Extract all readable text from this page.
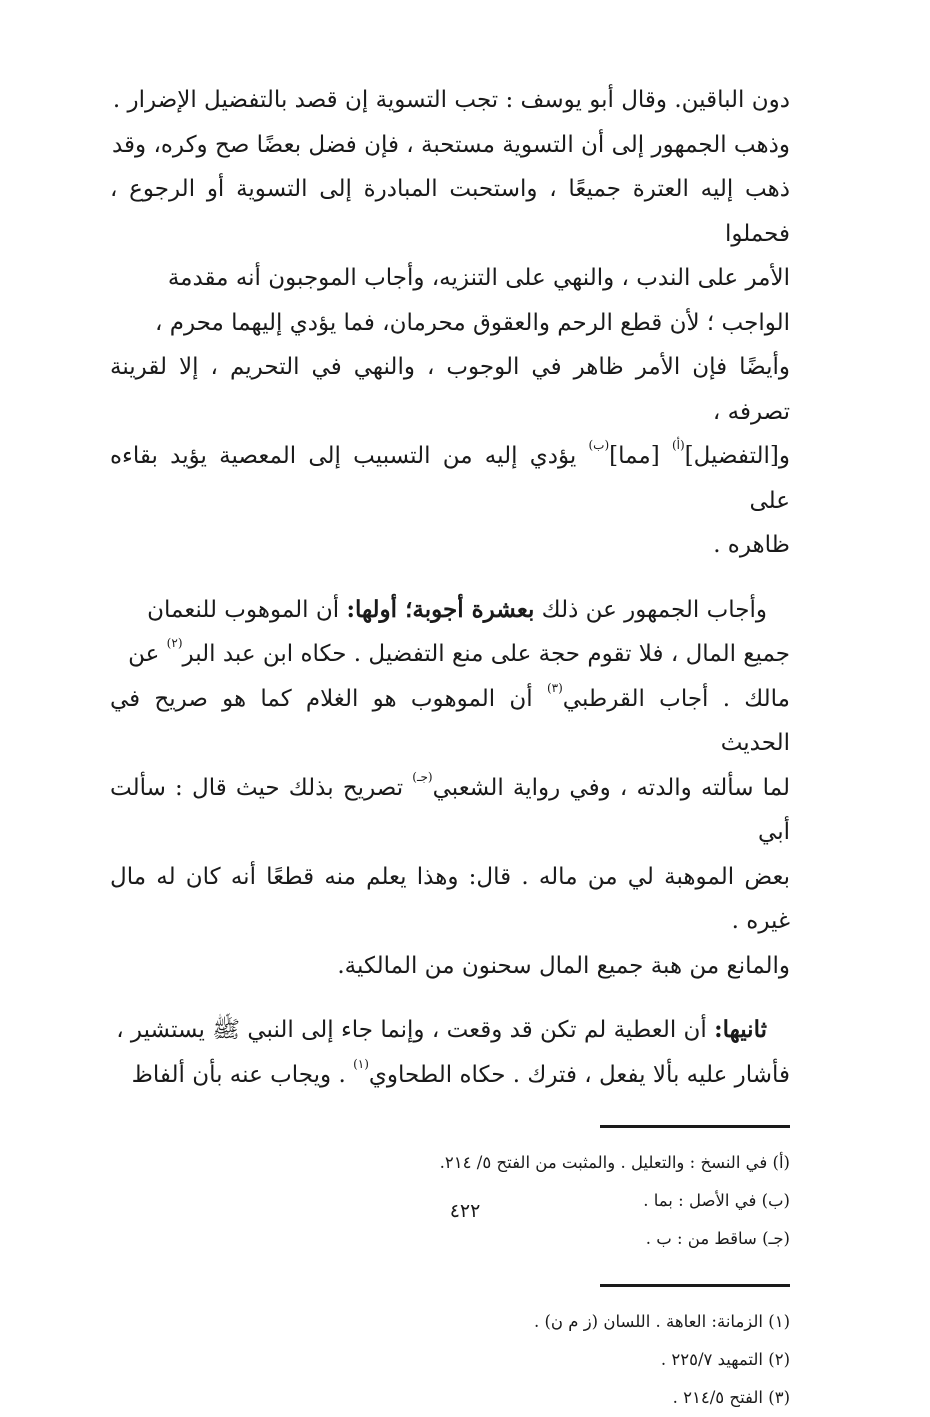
دون الباقين. وقال أبو يوسف : تجب التسوية إن قصد بالتفضيل الإضرار .

وذهب الجمهور إلى أن التسوية مستحبة ، فإن فضل بعضًا صح وكره، وقد

ذهب إليه العترة جميعًا ، واستحبت المبادرة إلى التسوية أو الرجوع ، فحملوا

الأمر على الندب ، والنهي على التنزيه، وأجاب الموجبون أنه مقدمة

الواجب ؛ لأن قطع الرحم والعقوق محرمان، فما يؤدي إليهما محرم ،

وأيضًا فإن الأمر ظاهر في الوجوب ، والنهي في التحريم ، إلا لقرينة تصرفه ،

و[التفضيل]$^{(أ)}$ [مما]$^{(ب)}$ يؤدي إليه من التسبيب إلى المعصية يؤيد بقاءه على

ظاهره .

 وأجاب الجمهور عن ذلك بعشرة أجوبة؛ أولها: أن الموهوب للنعمان

جميع المال ، فلا تقوم حجة على منع التفضيل . حكاه ابن عبد البر$^{(٢)}$ عن

مالك . أجاب القرطبي$^{(٣)}$ أن الموهوب هو الغلام كما هو صريح في الحديث

لما سألته والدته ، وفي رواية الشعبي$^{(جـ)}$ تصريح بذلك حيث قال : سألت أبي

بعض الموهبة لي من ماله . قال: وهذا يعلم منه قطعًا أنه كان له مال غيره .

والمانع من هبة جميع المال سحنون من المالكية.

 ثانيها: أن العطية لم تكن قد وقعت ، وإنما جاء إلى النبي ﷺ يستشير ،

فأشار عليه بألا يفعل ، فترك . حكاه الطحاوي$^{(١)}$ . ويجاب عنه بأن ألفاظ

(أ) في النسخ : والتعليل . والمثبت من الفتح ٥/ ٢١٤.
(ب) في الأصل : بما .
(جـ) ساقط من : ب .
(١) الزمانة: العاهة . اللسان (ز م ن) .
(٢) التمهيد ٢٢٥/٧ .
(٣) الفتح ٢١٤/٥ .
٤٢٢
